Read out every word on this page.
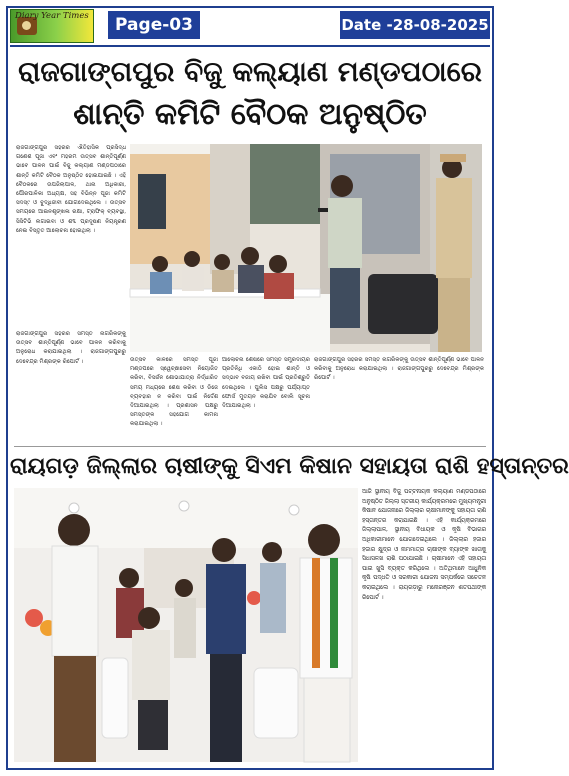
Diary Year Times	Page-03	Date -28-08-2025
ରାଜଗାଙ୍ଗପୁର ବିଜୁ କଲ୍ୟାଣ ମଣ୍ଡପଠାରେ
ଶାନ୍ତି କମିଟି ବୈଠକ ଅନୁଷ୍ଠିତ
ରାଜଗାଙ୍ଗପୁର ସହରର ଐତିହାସିକ ପ୍ରସିଦ୍ଧ ଗଣେଶ ପୂଜା ଏବଂ ମହରମ ଉତ୍ସବ ଶାନ୍ତିପୂର୍ଣ୍ଣ ଭାବେ ପାଳନ ପାଇଁ ବିଜୁ କଲ୍ୟାଣ ମଣ୍ଡପଠାରେ ଶାନ୍ତି କମିଟି ବୈଠକ ଅନୁଷ୍ଠିତ ହୋଇଯାଇଛି । ଏହି ବୈଠକରେ ଉପଜିଲାପାଳ, ଥାନା ଅଧିକାରୀ, ପୌରପାଳିକା ଅଧ୍ୟକ୍ଷ, ସହ ବିଭିନ୍ନ ପୂଜା କମିଟି ସଦସ୍୯ ଓ ବୁଦ୍ଧିଜୀବୀ ଯୋଗଦେଇଥିଲେ । ଉତ୍ସବ ସମୟରେ ଆଇନଶୃଙ୍ଖଳା ରକ୍ଷା, ଟ୍ରାଫିକ୍ ବ୍ୟବସ୍ଥା, ସିସିଟିଭି ଲଗାଇବା ଓ ଶବ୍ଦ ପ୍ରଦୂଷଣ ନିୟନ୍ତ୍ରଣ ନେଇ ବିସ୍ତୃତ ଆଲୋଚନା ହୋଇଥିଲା ।
ଉତ୍ସବ କାଳରେ ସମସ୍ତ ପୂଜା ମଣ୍ଡପରେ ସ୍ୱେଚ୍ଛାସେବୀ ନିୟୋଜିତ କରିବା, ବିସର୍ଜନ ଶୋଭାଯାତ୍ରା ନିର୍ଦ୍ଧାରିତ ସମୟ ମଧ୍ୟରେ ଶେଷ କରିବା ଓ ଡିଜେ ବ୍ୟବହାର ନ କରିବା ପାଇଁ ନିର୍ଦ୍ଦେଶ ଦିଆଯାଇଥିଲା । ପ୍ରଶାସନ ପକ୍ଷରୁ ସମସ୍ତଙ୍କ ସହଯୋଗ କାମନା କରାଯାଇଥିଲା ।
ଆଲୋଚନା ଶେଷରେ ସମସ୍ତ ସମ୍ପ୍ରଦାୟର ପ୍ରତିନିଧି ଏକାଠି ହୋଇ ଶାନ୍ତି ଓ ସଦ୍ଭାବ ବଜାୟ ରଖିବା ପାଇଁ ପ୍ରତିଶ୍ରୁତି ଦେଇଥିଲେ । ପୁଲିସ ପକ୍ଷରୁ ପର୍ଯ୍ୟାପ୍ତ ଫୋର୍ସ ମୁତୟନ କରାଯିବ ବୋଲି ସୂଚନା ଦିଆଯାଇଥିଲା ।
ରାଜଗାଙ୍ଗପୁର ସହରର ସମସ୍ତ ନାଗରିକଙ୍କୁ ଉତ୍ସବ ଶାନ୍ତିପୂର୍ଣ୍ଣ ଭାବେ ପାଳନ କରିବାକୁ ଅନୁରୋଧ କରାଯାଇଥିଲା । ରାଜଗାଙ୍ଗପୁରରୁ ଦେବେନ୍ଦ୍ର ମିଶ୍ରଙ୍କ ରିପୋର୍ଟ ।
ରାଜଗାଙ୍ଗପୁର ସହରର ସମସ୍ତ ନାଗରିକଙ୍କୁ ଉତ୍ସବ ଶାନ୍ତିପୂର୍ଣ୍ଣ ଭାବେ ପାଳନ କରିବାକୁ ଅନୁରୋଧ କରାଯାଇଥିଲା । ରାଜଗାଙ୍ଗପୁରରୁ ଦେବେନ୍ଦ୍ର ମିଶ୍ରଙ୍କ ରିପୋର୍ଟ ।
ରାୟଗଡ଼ ଜିଲ୍ଲାର ଚାଷୀଙ୍କୁ ସିଏମ କିଷାନ ସହାୟତା ରାଶି ହସ୍ତାନ୍ତର
ଆଜି ସ୍ଥାନୀୟ ବିଜୁ ପଟ୍ଟନାୟକ କଲ୍ୟାଣ ମଣ୍ଡପଠାରେ ଅନୁଷ୍ଠିତ ଜିଲ୍ଲା ସ୍ତରୀୟ କାର୍ଯ୍ୟକ୍ରମରେ ମୁଖ୍ୟମନ୍ତ୍ରୀ କିଷାନ ଯୋଜନାରେ ଜିଲ୍ଲାର ଚାଷୀମାନଙ୍କୁ ସହାୟତା ରାଶି ହସ୍ତାନ୍ତର କରାଯାଇଛି । ଏହି କାର୍ଯ୍ୟକ୍ରମରେ ଜିଲ୍ଲାପାଳ, ସ୍ଥାନୀୟ ବିଧାୟକ ଓ କୃଷି ବିଭାଗର ଅଧିକାରୀମାନେ ଯୋଗଦେଇଥିଲେ । ଜିଲ୍ଲାର ହଜାର ହଜାର କ୍ଷୁଦ୍ର ଓ ନାମମାତ୍ର ଚାଷୀଙ୍କ ବ୍ୟାଙ୍କ ଖାତାକୁ ସିଧାସଳଖ ରାଶି ପଠାଯାଇଛି । ଚାଷୀମାନେ ଏହି ସହାୟତା ପାଇ ଖୁସି ବ୍ୟକ୍ତ କରିଥିଲେ । ଅତିଥିମାନେ ଆଧୁନିକ କୃଷି ପଦ୍ଧତି ଓ ସରକାରୀ ଯୋଜନା ସମ୍ପର୍କରେ ସଚେତନ କରାଇଥିଲେ । ରାୟଗଡ଼ାରୁ ମନୋରଞ୍ଜନ ଶତପଥୀଙ୍କ ରିପୋର୍ଟ ।
